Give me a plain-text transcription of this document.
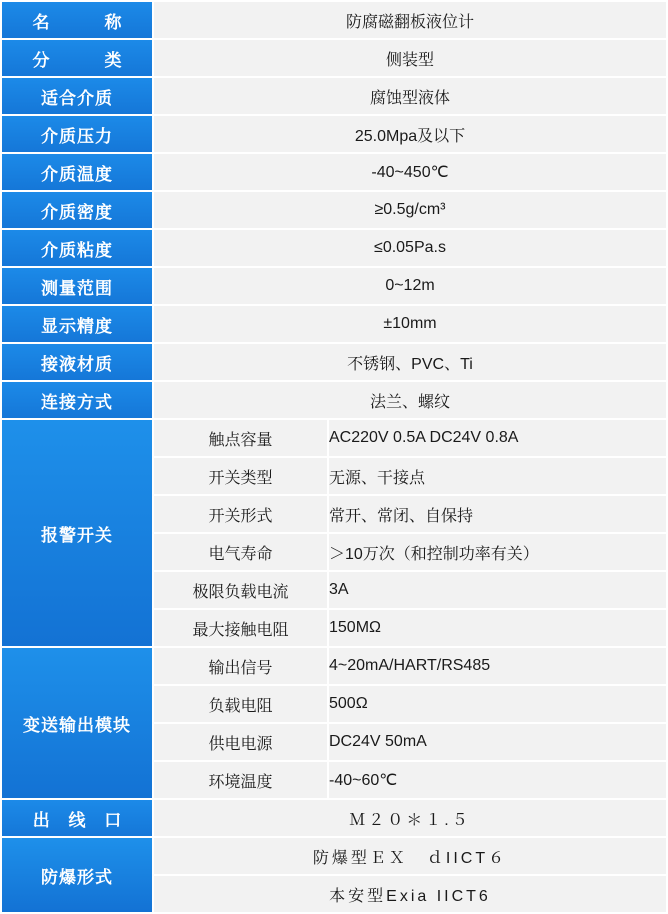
名　　称	防腐磁翻板液位计	
分　　类	侧装型	
适合介质	腐蚀型液体	
介质压力	25.0Mpa及以下	
介质温度	-40~450℃	
介质密度	≥0.5g/cm³	
介质粘度	≤0.05Pa.s	
测量范围	0~12m	
显示精度	±10mm	
接液材质	不锈钢、PVC、Ti	
连接方式	法兰、螺纹	
报警开关	触点容量	AC220V 0.5A DC24V 0.8A
	开关类型	无源、干接点
	开关形式	常开、常闭、自保持
	电气寿命	＞10万次（和控制功率有关）
	极限负载电流	3A
	最大接触电阻	150MΩ
变送输出模块	输出信号	4~20mA/HART/RS485
	负载电阻	500Ω
	供电电源	DC24V 50mA
	环境温度	-40~60℃
出 线 口	Ｍ２０＊１.５	
防爆形式	防爆型ＥＸ　ｄIICT６	
	本安型Exia IICT6	
